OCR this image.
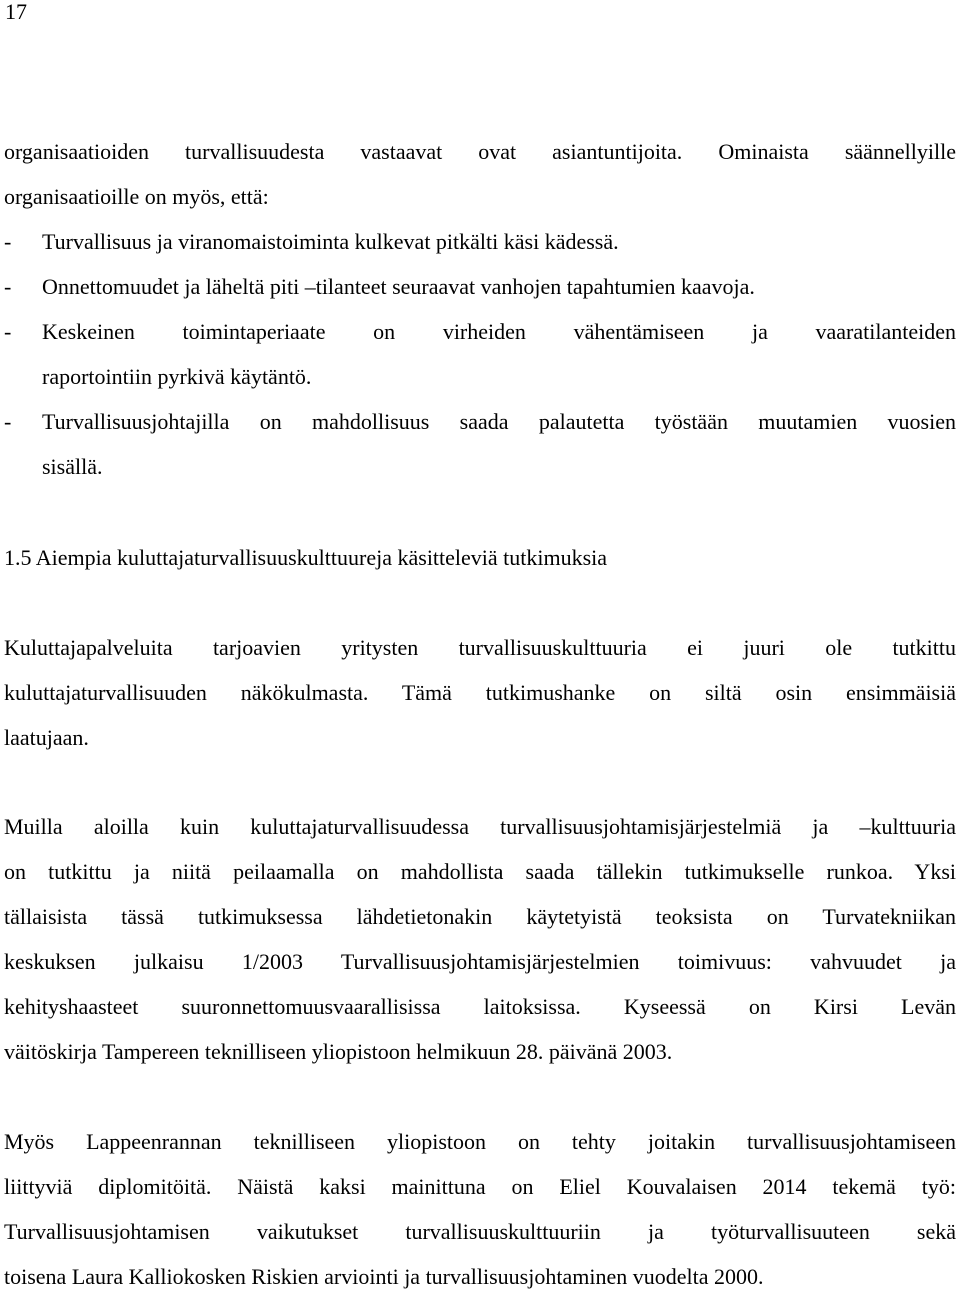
17
organisaatioiden turvallisuudesta vastaavat ovat asiantuntijoita. Ominaista säännellyille
organisaatioille on myös, että:
- Turvallisuus ja viranomaistoiminta kulkevat pitkälti käsi kädessä.
- Onnettomuudet ja läheltä piti –tilanteet seuraavat vanhojen tapahtumien kaavoja.
- Keskeinen toimintaperiaate on virheiden vähentämiseen ja vaaratilanteiden
raportointiin pyrkivä käytäntö.
- Turvallisuusjohtajilla on mahdollisuus saada palautetta työstään muutamien vuosien
sisällä.
1.5 Aiempia kuluttajaturvallisuuskulttuureja käsitteleviä tutkimuksia
Kuluttajapalveluita tarjoavien yritysten turvallisuuskulttuuria ei juuri ole tutkittu
kuluttajaturvallisuuden näkökulmasta. Tämä tutkimushanke on siltä osin ensimmäisiä
laatujaan.
Muilla aloilla kuin kuluttajaturvallisuudessa turvallisuusjohtamisjärjestelmiä ja –kulttuuria
on tutkittu ja niitä peilaamalla on mahdollista saada tällekin tutkimukselle runkoa. Yksi
tällaisista tässä tutkimuksessa lähdetietonakin käytetyistä teoksista on Turvatekniikan
keskuksen julkaisu 1/2003 Turvallisuusjohtamisjärjestelmien toimivuus: vahvuudet ja
kehityshaasteet suuronnettomuusvaarallisissa laitoksissa. Kyseessä on Kirsi Levän
väitöskirja Tampereen teknilliseen yliopistoon helmikuun 28. päivänä 2003.
Myös Lappeenrannan teknilliseen yliopistoon on tehty joitakin turvallisuusjohtamiseen
liittyviä diplomitöitä. Näistä kaksi mainittuna on Eliel Kouvalaisen 2014 tekemä työ:
Turvallisuusjohtamisen vaikutukset turvallisuuskulttuuriin ja työturvallisuuteen sekä
toisena Laura Kalliokosken Riskien arviointi ja turvallisuusjohtaminen vuodelta 2000.
